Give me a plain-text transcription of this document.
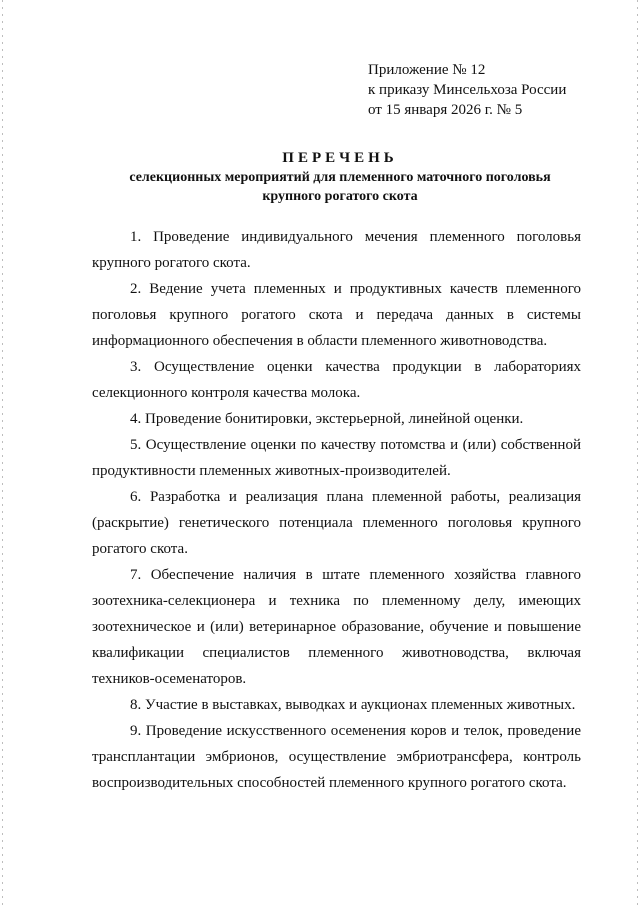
Приложение № 12
к приказу Минсельхоза России
от 15 января 2026 г. № 5
ПЕРЕЧЕНЬ
селекционных мероприятий для племенного маточного поголовья
крупного рогатого скота

1. Проведение индивидуального мечения племенного поголовья крупного рогатого скота.

2. Ведение учета племенных и продуктивных качеств племенного поголовья крупного рогатого скота и передача данных в системы информационного обеспечения в области племенного животноводства.

3. Осуществление оценки качества продукции в лабораториях селекционного контроля качества молока.

4. Проведение бонитировки, экстерьерной, линейной оценки.

5. Осуществление оценки по качеству потомства и (или) собственной продуктивности племенных животных-производителей.

6. Разработка и реализация плана племенной работы, реализация (раскрытие) генетического потенциала племенного поголовья крупного рогатого скота.

7. Обеспечение наличия в штате племенного хозяйства главного зоотехника-селекционера и техника по племенному делу, имеющих зоотехническое и (или) ветеринарное образование, обучение и повышение квалификации специалистов племенного животноводства, включая техников-осеменаторов.

8. Участие в выставках, выводках и аукционах племенных животных.

9. Проведение искусственного осеменения коров и телок, проведение трансплантации эмбрионов, осуществление эмбриотрансфера, контроль воспроизводительных способностей племенного крупного рогатого скота.
